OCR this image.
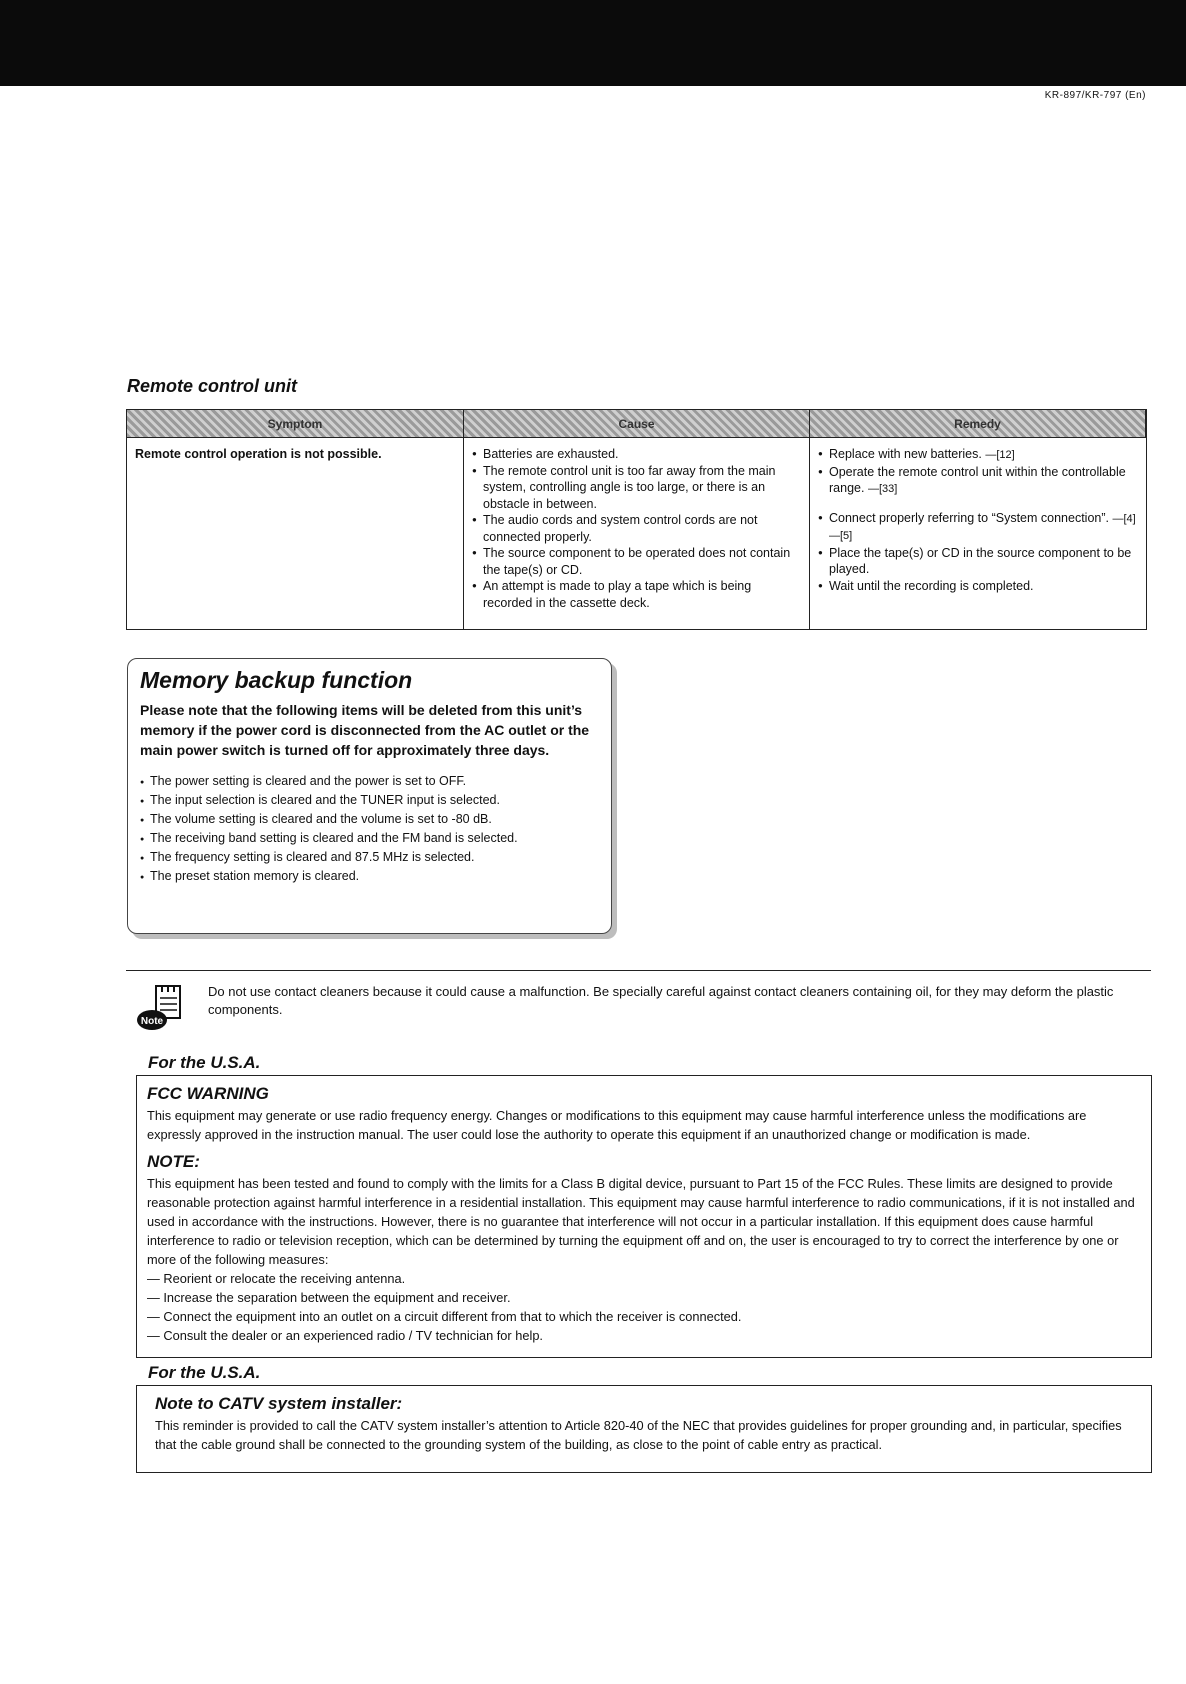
KR-897/KR-797 (En)
Remote control unit
Symptom	Cause	Remedy
Remote control operation is not possible.
●	Batteries are exhausted.
● The remote control unit is too far away from the main system, controlling angle is too large, or there is an obstacle in between.
● The audio cords and system control cords are not connected properly.
● The source component to be operated does not contain the tape(s) or CD.
● An attempt is made to play a tape which is being recorded in the cassette deck.
● Replace with new batteries. —[12]
● Operate the remote control unit within the controllable range. —[33]
● Connect properly referring to “System connection”. —[4]—[5]
● Place the tape(s) or CD in the source component to be played.
● Wait until the recording is completed.
Memory backup function

Please note that the following items will be deleted from this unit’s memory if the power cord is disconnected from the AC outlet or the main power switch is turned off for approximately three days.

● The power setting is cleared and the power is set to OFF.
● The input selection is cleared and the TUNER input is selected.
● The volume setting is cleared and the volume is set to -80 dB.
● The receiving band setting is cleared and the FM band is selected.
● The frequency setting is cleared and 87.5 MHz is selected.
● The preset station memory is cleared.
Note
Do not use contact cleaners because it could cause a malfunction. Be specially careful against contact cleaners containing oil, for they may deform the plastic components.
For the U.S.A.
FCC WARNING

This equipment may generate or use radio frequency energy. Changes or modifications to this equipment may cause harmful interference unless the modifications are expressly approved in the instruction manual. The user could lose the authority to operate this equipment if an unauthorized change or modification is made.

NOTE:

This equipment has been tested and found to comply with the limits for a Class B digital device, pursuant to Part 15 of the FCC Rules. These limits are designed to provide reasonable protection against harmful interference in a residential installation. This equipment may cause harmful interference to radio communications, if it is not installed and used in accordance with the instructions. However, there is no guarantee that interference will not occur in a particular installation. If this equipment does cause harmful interference to radio or television reception, which can be determined by turning the equipment off and on, the user is encouraged to try to correct the interference by one or more of the following measures:

— Reorient or relocate the receiving antenna.

— Increase the separation between the equipment and receiver.

— Connect the equipment into an outlet on a circuit different from that to which the receiver is connected.

— Consult the dealer or an experienced radio / TV technician for help.

For the U.S.A.
Note to CATV system installer:

This reminder is provided to call the CATV system installer’s attention to Article 820-40 of the NEC that provides guidelines for proper grounding and, in particular, specifies that the cable ground shall be connected to the grounding system of the building, as close to the point of cable entry as practical.
